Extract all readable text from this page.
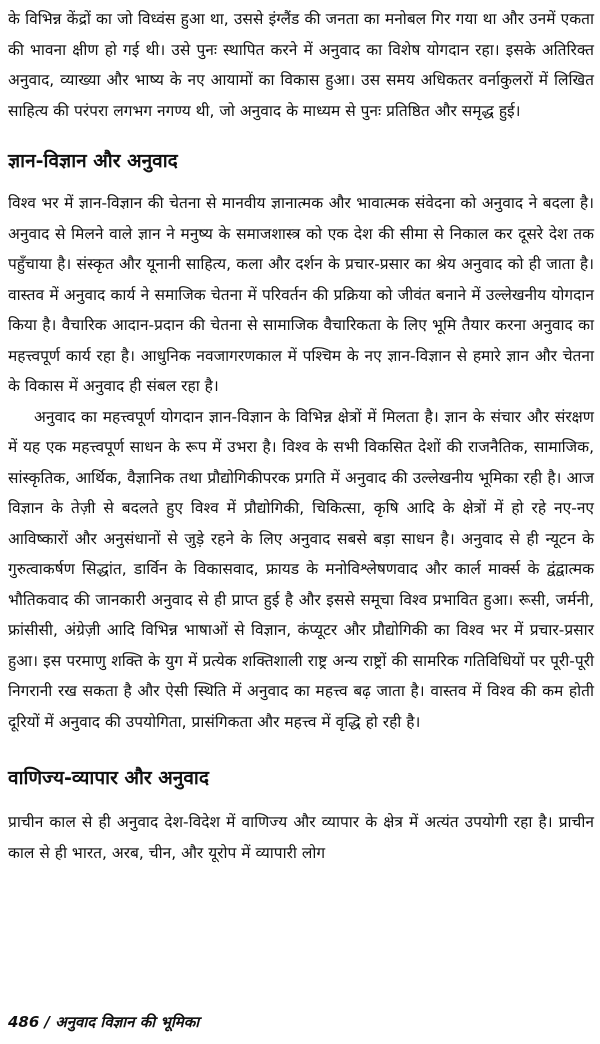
के विभिन्न केंद्रों का जो विध्वंस हुआ था, उससे इंग्लैंड की जनता का मनोबल गिर गया था और उनमें एकता की भावना क्षीण हो गई थी। उसे पुनः स्थापित करने में अनुवाद का विशेष योगदान रहा। इसके अतिरिक्त अनुवाद, व्याख्या और भाष्य के नए आयामों का विकास हुआ। उस समय अधिकतर वर्नाकुलरों में लिखित साहित्य की परंपरा लगभग नगण्य थी, जो अनुवाद के माध्यम से पुनः प्रतिष्ठित और समृद्ध हुई।

ज्ञान-विज्ञान और अनुवाद

विश्व भर में ज्ञान-विज्ञान की चेतना से मानवीय ज्ञानात्मक और भावात्मक संवेदना को अनुवाद ने बदला है। अनुवाद से मिलने वाले ज्ञान ने मनुष्य के समाजशास्त्र को एक देश की सीमा से निकाल कर दूसरे देश तक पहुँचाया है। संस्कृत और यूनानी साहित्य, कला और दर्शन के प्रचार-प्रसार का श्रेय अनुवाद को ही जाता है। वास्तव में अनुवाद कार्य ने समाजिक चेतना में परिवर्तन की प्रक्रिया को जीवंत बनाने में उल्लेखनीय योगदान किया है। वैचारिक आदान-प्रदान की चेतना से सामाजिक वैचारिकता के लिए भूमि तैयार करना अनुवाद का महत्त्वपूर्ण कार्य रहा है। आधुनिक नवजागरणकाल में पश्चिम के नए ज्ञान-विज्ञान से हमारे ज्ञान और चेतना के विकास में अनुवाद ही संबल रहा है।

अनुवाद का महत्त्वपूर्ण योगदान ज्ञान-विज्ञान के विभिन्न क्षेत्रों में मिलता है। ज्ञान के संचार और संरक्षण में यह एक महत्त्वपूर्ण साधन के रूप में उभरा है। विश्व के सभी विकसित देशों की राजनैतिक, सामाजिक, सांस्कृतिक, आर्थिक, वैज्ञानिक तथा प्रौद्योगिकीपरक प्रगति में अनुवाद की उल्लेखनीय भूमिका रही है। आज विज्ञान के तेज़ी से बदलते हुए विश्व में प्रौद्योगिकी, चिकित्सा, कृषि आदि के क्षेत्रों में हो रहे नए-नए आविष्कारों और अनुसंधानों से जुड़े रहने के लिए अनुवाद सबसे बड़ा साधन है। अनुवाद से ही न्यूटन के गुरुत्वाकर्षण सिद्धांत, डार्विन के विकासवाद, फ्रायड के मनोविश्लेषणवाद और कार्ल मार्क्स के द्वंद्वात्मक भौतिकवाद की जानकारी अनुवाद से ही प्राप्त हुई है और इससे समूचा विश्व प्रभावित हुआ। रूसी, जर्मनी, फ्रांसीसी, अंग्रेज़ी आदि विभिन्न भाषाओं से विज्ञान, कंप्यूटर और प्रौद्योगिकी का विश्व भर में प्रचार-प्रसार हुआ। इस परमाणु शक्ति के युग में प्रत्येक शक्तिशाली राष्ट्र अन्य राष्ट्रों की सामरिक गतिविधियों पर पूरी-पूरी निगरानी रख सकता है और ऐसी स्थिति में अनुवाद का महत्त्व बढ़ जाता है। वास्तव में विश्व की कम होती दूरियों में अनुवाद की उपयोगिता, प्रासंगिकता और महत्त्व में वृद्धि हो रही है।

वाणिज्य-व्यापार और अनुवाद

प्राचीन काल से ही अनुवाद देश-विदेश में वाणिज्य और व्यापार के क्षेत्र में अत्यंत उपयोगी रहा है। प्राचीन काल से ही भारत, अरब, चीन, और यूरोप में व्यापारी लोग

486 / अनुवाद विज्ञान की भूमिका
